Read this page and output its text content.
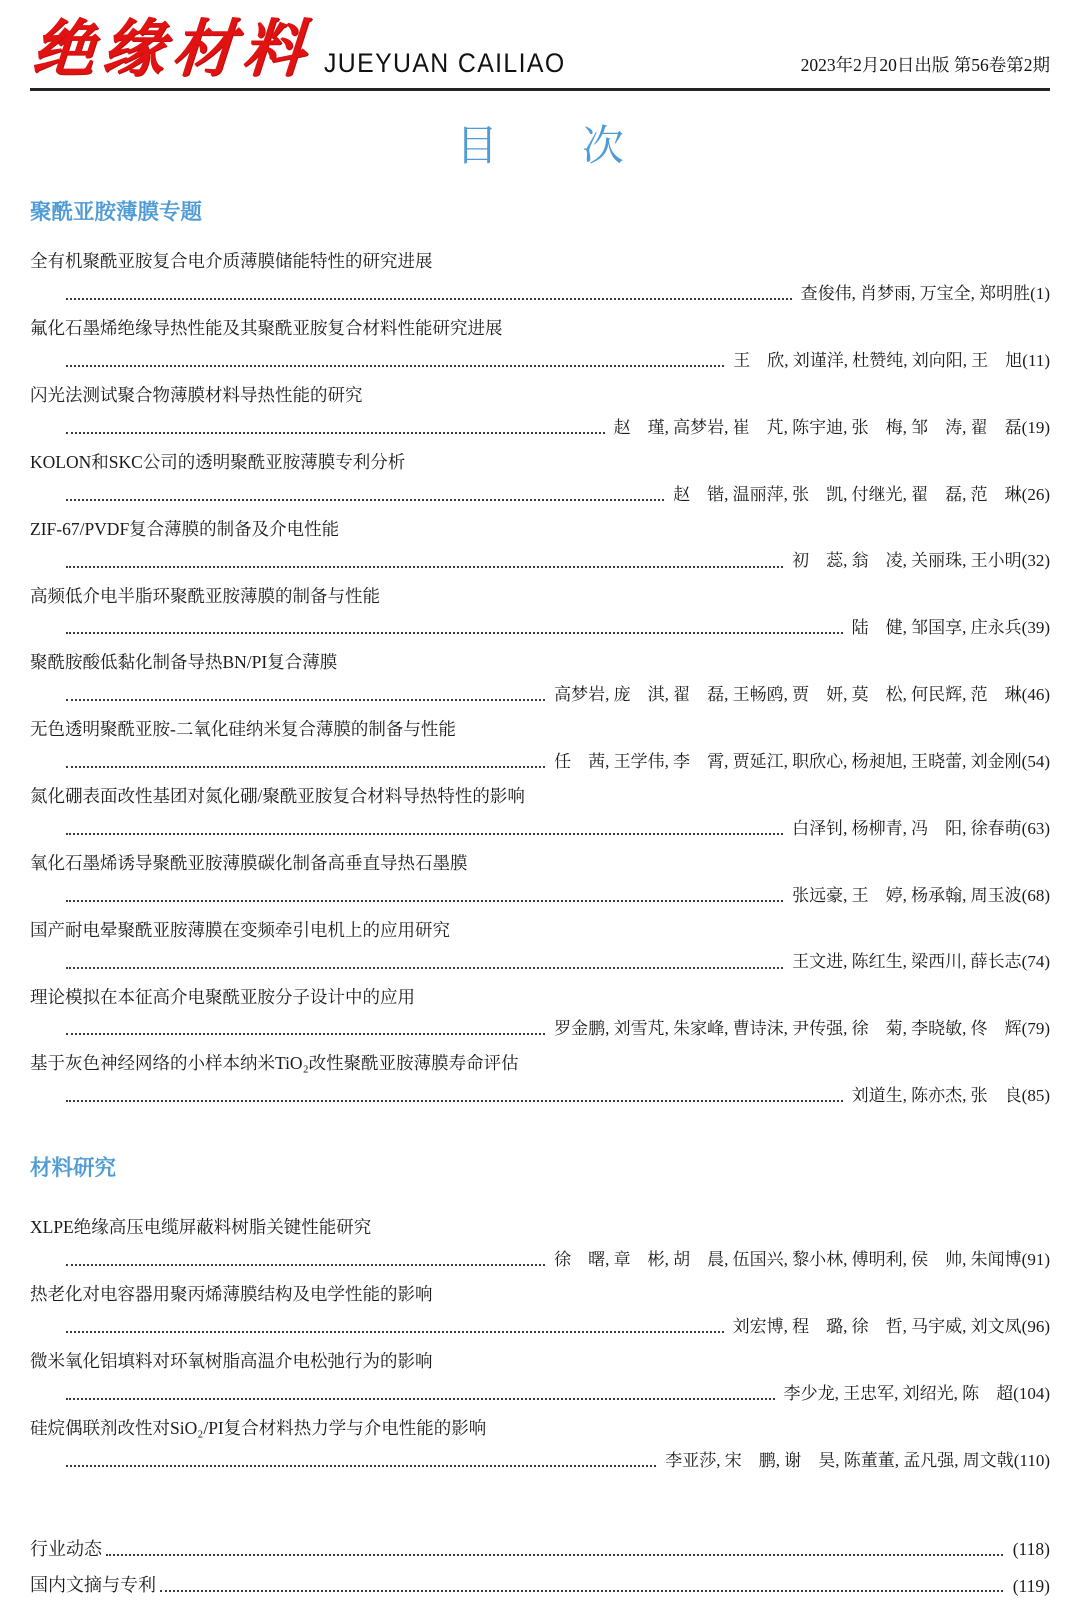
绝缘材料 JUEYUAN CAILIAO	2023年2月20日出版 第56卷第2期
目　　次
聚酰亚胺薄膜专题
全有机聚酰亚胺复合电介质薄膜储能特性的研究进展
查俊伟, 肖梦雨, 万宝全, 郑明胜 (1)
氟化石墨烯绝缘导热性能及其聚酰亚胺复合材料性能研究进展
王　欣, 刘谨洋, 杜赞纯, 刘向阳, 王　旭 (11)
闪光法测试聚合物薄膜材料导热性能的研究
赵　瑾, 高梦岩, 崔　芃, 陈宇迪, 张　梅, 邹　涛, 翟　磊 (19)
KOLON和SKC公司的透明聚酰亚胺薄膜专利分析
赵　锴, 温丽萍, 张　凯, 付继光, 翟　磊, 范　琳 (26)
ZIF-67/PVDF复合薄膜的制备及介电性能
初　蕊, 翁　凌, 关丽珠, 王小明 (32)
高频低介电半脂环聚酰亚胺薄膜的制备与性能
陆　健, 邹国享, 庄永兵 (39)
聚酰胺酸低黏化制备导热BN/PI复合薄膜
高梦岩, 庞　淇, 翟　磊, 王畅鸥, 贾　妍, 莫　松, 何民辉, 范　琳 (46)
无色透明聚酰亚胺-二氧化硅纳米复合薄膜的制备与性能
任　茜, 王学伟, 李　霄, 贾延江, 职欣心, 杨昶旭, 王晓蕾, 刘金刚 (54)
氮化硼表面改性基团对氮化硼/聚酰亚胺复合材料导热特性的影响
白泽钊, 杨柳青, 冯　阳, 徐春萌 (63)
氧化石墨烯诱导聚酰亚胺薄膜碳化制备高垂直导热石墨膜
张远豪, 王　婷, 杨承翰, 周玉波 (68)
国产耐电晕聚酰亚胺薄膜在变频牵引电机上的应用研究
王文进, 陈红生, 梁西川, 薛长志 (74)
理论模拟在本征高介电聚酰亚胺分子设计中的应用
罗金鹏, 刘雪芃, 朱家峰, 曹诗沫, 尹传强, 徐　菊, 李晓敏, 佟　辉 (79)
基于灰色神经网络的小样本纳米TiO₂改性聚酰亚胺薄膜寿命评估
刘道生, 陈亦杰, 张　良 (85)
材料研究
XLPE绝缘高压电缆屏蔽料树脂关键性能研究
徐　曙, 章　彬, 胡　晨, 伍国兴, 黎小林, 傅明利, 侯　帅, 朱闻博 (91)
热老化对电容器用聚丙烯薄膜结构及电学性能的影响
刘宏博, 程　璐, 徐　哲, 马宇威, 刘文凤 (96)
微米氧化铝填料对环氧树脂高温介电松弛行为的影响
李少龙, 王忠军, 刘绍光, 陈　超 (104)
硅烷偶联剂改性对SiO₂/PI复合材料热力学与介电性能的影响
李亚莎, 宋　鹏, 谢　昊, 陈董董, 孟凡强, 周文戟 (110)
行业动态	(118)
国内文摘与专利	(119)
